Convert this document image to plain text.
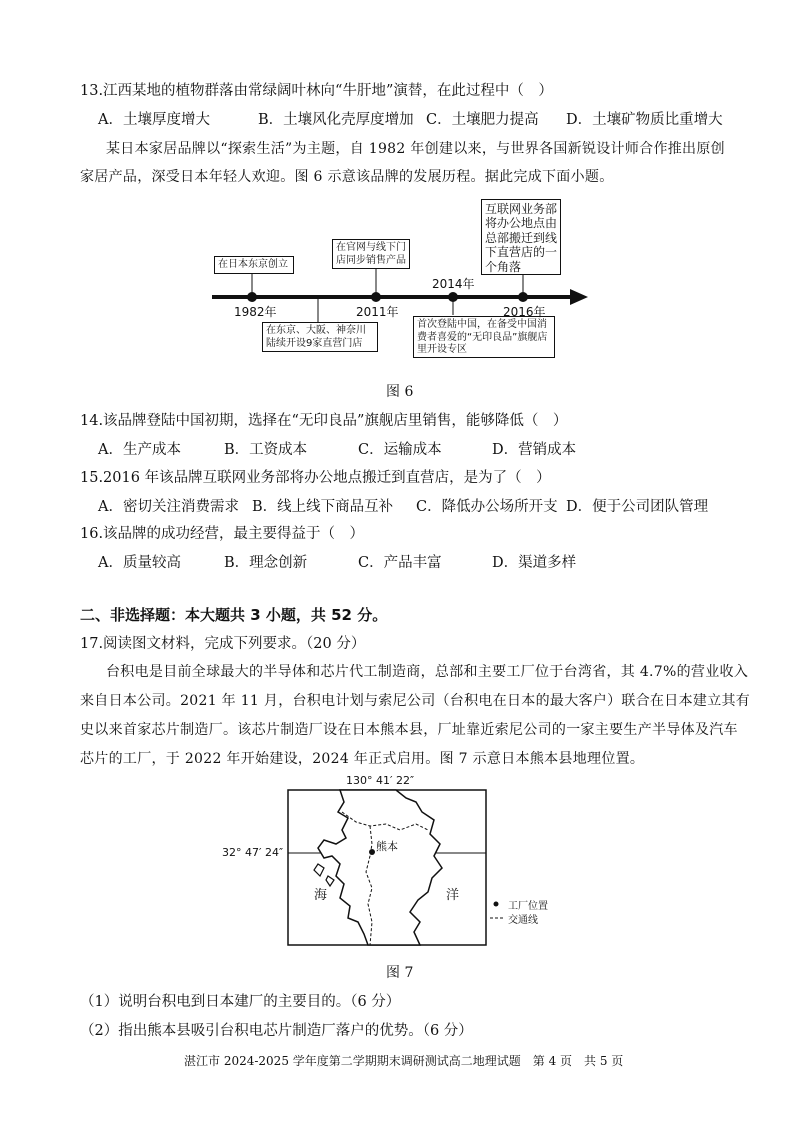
13.江西某地的植物群落由常绿阔叶林向“牛肝地”演替，在此过程中（　）
A．土壤厚度增大	B．土壤风化壳厚度增加 C．土壤肥力提高 D．土壤矿物质比重增大
某日本家居品牌以“探索生活”为主题，自 1982 年创建以来，与世界各国新锐设计师合作推出原创
家居产品，深受日本年轻人欢迎。图 6 示意该品牌的发展历程。据此完成下面小题。
在日本东京创立
在东京、大阪、神奈川陆续开设9家直营门店
在官网与线下门店同步销售产品
首次登陆中国，在备受中国消费者喜爱的“无印良品”旗舰店里开设专区
互联网业务部将办公地点由总部搬迁到线下直营店的一个角落
1982年	2011年
2014年
2016年
图 6
14.该品牌登陆中国初期，选择在“无印良品”旗舰店里销售，能够降低（　）
A．生产成本	B．工资成本	C．运输成本	D．营销成本
15.2016 年该品牌互联网业务部将办公地点搬迁到直营店，是为了（　）
A．密切关注消费需求 B．线上线下商品互补 C．降低办公场所开支 D．便于公司团队管理
16.该品牌的成功经营，最主要得益于（　）
A．质量较高	B．理念创新	C．产品丰富	D．渠道多样
二、非选择题：本大题共 3 小题，共 52 分。
17.阅读图文材料，完成下列要求。（20 分）
台积电是目前全球最大的半导体和芯片代工制造商，总部和主要工厂位于台湾省，其 4.7%的营业收入
来自日本公司。2021 年 11 月，台积电计划与索尼公司（台积电在日本的最大客户）联合在日本建立其有
史以来首家芯片制造厂。该芯片制造厂设在日本熊本县，厂址靠近索尼公司的一家主要生产半导体及汽车
芯片的工厂，于 2022 年开始建设，2024 年正式启用。图 7 示意日本熊本县地理位置。
130° 41′ 22″
32° 47′ 24″	熊本
海	洋
工厂位置
交通线
图 7
（1）说明台积电到日本建厂的主要目的。（6 分）
（2）指出熊本县吸引台积电芯片制造厂落户的优势。（6 分）
湛江市 2024-2025 学年度第二学期期末调研测试高二地理试题　第 4 页　共 5 页
